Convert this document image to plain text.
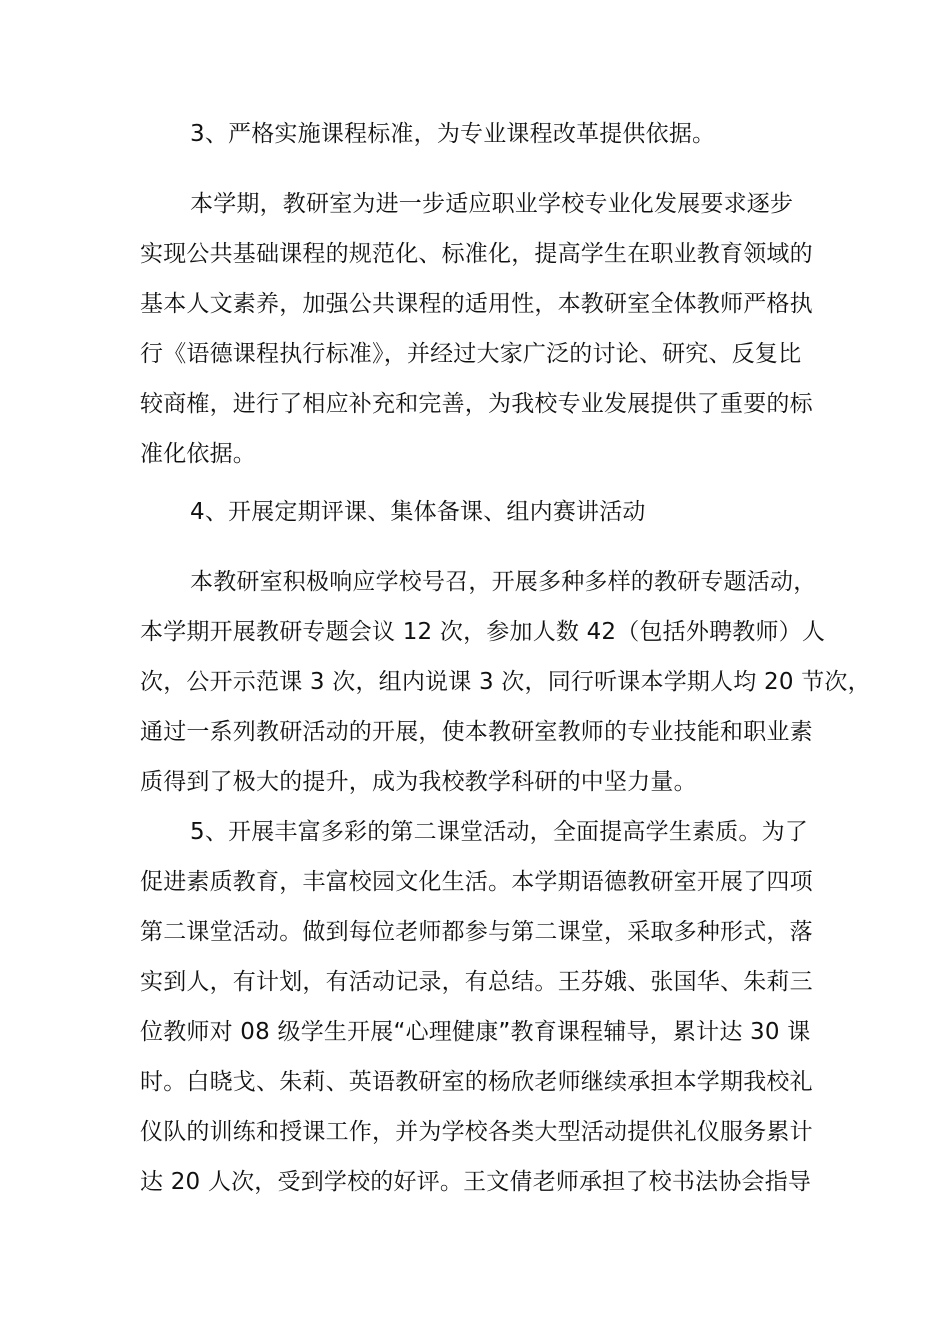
3、严格实施课程标准，为专业课程改革提供依据。
本学期，教研室为进一步适应职业学校专业化发展要求逐步
实现公共基础课程的规范化、标准化，提高学生在职业教育领域的
基本人文素养，加强公共课程的适用性，本教研室全体教师严格执
行《语德课程执行标准》，并经过大家广泛的讨论、研究、反复比
较商榷，进行了相应补充和完善，为我校专业发展提供了重要的标
准化依据。
4、开展定期评课、集体备课、组内赛讲活动
本教研室积极响应学校号召，开展多种多样的教研专题活动，
本学期开展教研专题会议 12 次，参加人数 42（包括外聘教师）人
次，公开示范课 3 次，组内说课 3 次，同行听课本学期人均 20 节次，
通过一系列教研活动的开展，使本教研室教师的专业技能和职业素
质得到了极大的提升，成为我校教学科研的中坚力量。
5、开展丰富多彩的第二课堂活动，全面提高学生素质。为了
促进素质教育，丰富校园文化生活。本学期语德教研室开展了四项
第二课堂活动。做到每位老师都参与第二课堂，采取多种形式，落
实到人，有计划，有活动记录，有总结。王芬娥、张国华、朱莉三
位教师对 08 级学生开展“心理健康”教育课程辅导，累计达 30 课
时。白晓戈、朱莉、英语教研室的杨欣老师继续承担本学期我校礼
仪队的训练和授课工作，并为学校各类大型活动提供礼仪服务累计
达 20 人次，受到学校的好评。王文倩老师承担了校书法协会指导
